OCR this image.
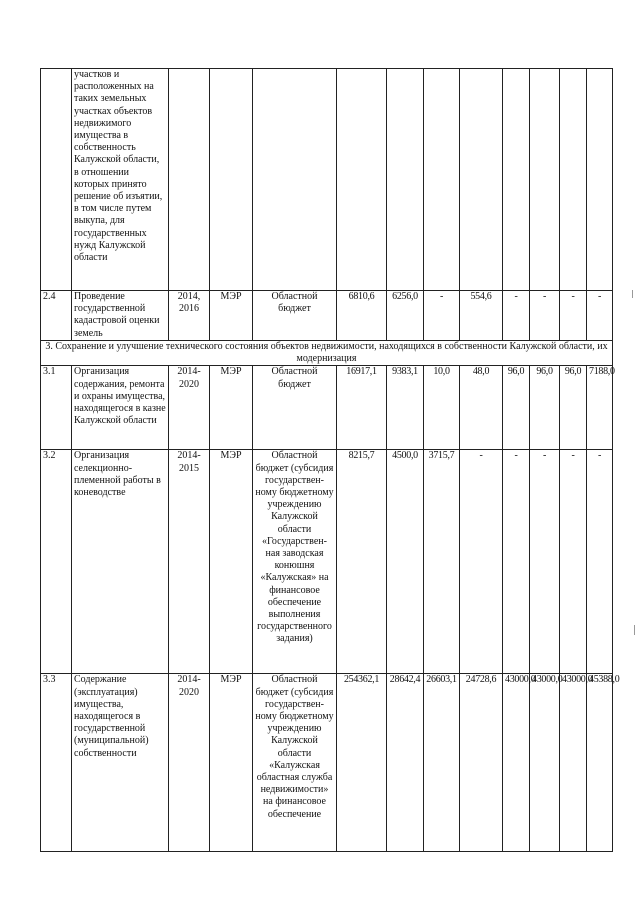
	участков и расположенных на таких земельных участках объектов недвижимого имущества в собственность Калужской области, в отношении которых принято решение об изъятии, в том числе путем выкупа, для государственных нужд Калужской области											
2.4	Проведение государственной кадастровой оценки земель	2014, 2016	МЭР	Областной бюджет	6810,6	6256,0	-	554,6	-	-	-	-
3. Сохранение и улучшение технического состояния объектов недвижимости, находящихся в собственности Калужской области, их модернизация												
3.1	Организация содержания, ремонта и охраны имущества, находящегося в казне Калужской области	2014-2020	МЭР	Областной бюджет	16917,1	9383,1	10,0	48,0	96,0	96,0	96,0	7188,0
3.2	Организация селекционно-племенной работы в коневодстве	2014-2015	МЭР	Областной бюджет (субсидия государствен-ному бюджетному учреждению Калужской области «Государствен-ная заводская конюшня «Калужская» на финансовое обеспечение выполнения государственного задания)	8215,7	4500,0	3715,7	-	-	-	-	-
3.3	Содержание (эксплуатация) имущества, находящегося в государственной (муниципальной) собственности	2014-2020	МЭР	Областной бюджет (субсидия государствен-ному бюджетному учреждению Калужской области «Калужская областная служба недвижимости» на финансовое обеспечение	254362,1	28642,4	26603,1	24728,6	43000,0	43000,0	43000,0	45388,0
